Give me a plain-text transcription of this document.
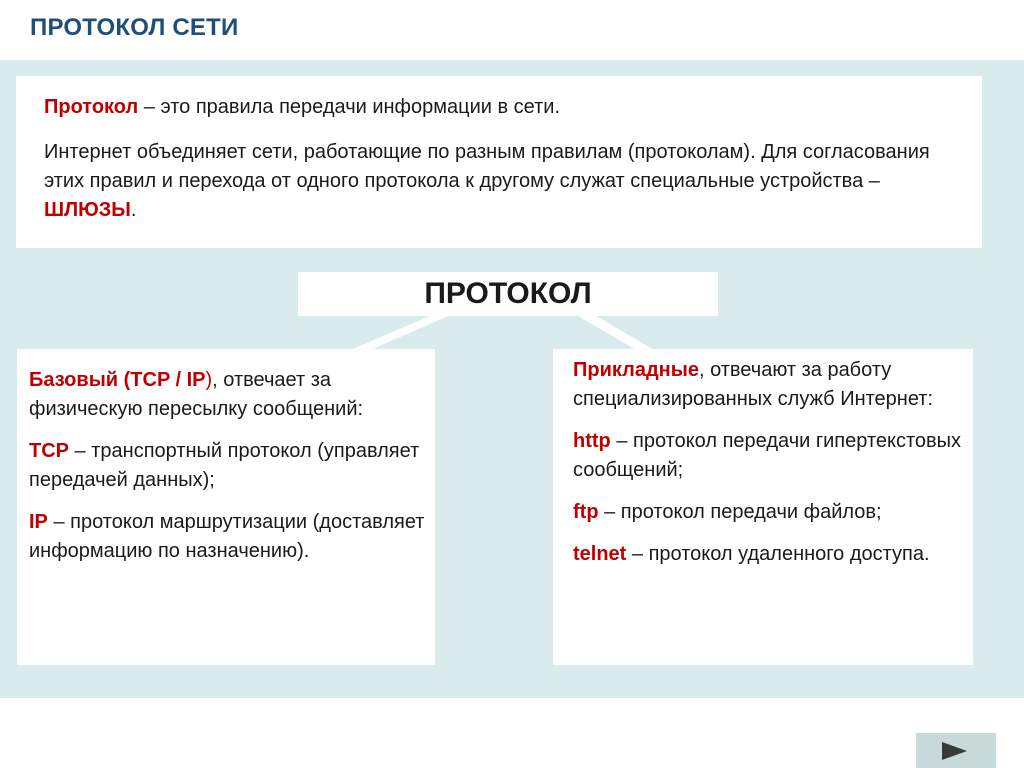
ПРОТОКОЛ СЕТИ
Протокол – это правила передачи информации в сети.
Интернет объединяет сети, работающие по разным правилам (протоколам). Для согласования этих правил и перехода от одного протокола к другому служат специальные устройства – ШЛЮЗЫ.
ПРОТОКОЛ
Базовый (TCP / IP), отвечает за физическую пересылку сообщений:
TCP – транспортный протокол (управляет передачей данных);
IP – протокол маршрутизации (доставляет информацию по назначению).
Прикладные, отвечают за работу специализированных служб Интернет:
http – протокол передачи гипертекстовых сообщений;
ftp – протокол передачи файлов;
telnet – протокол удаленного доступа.
